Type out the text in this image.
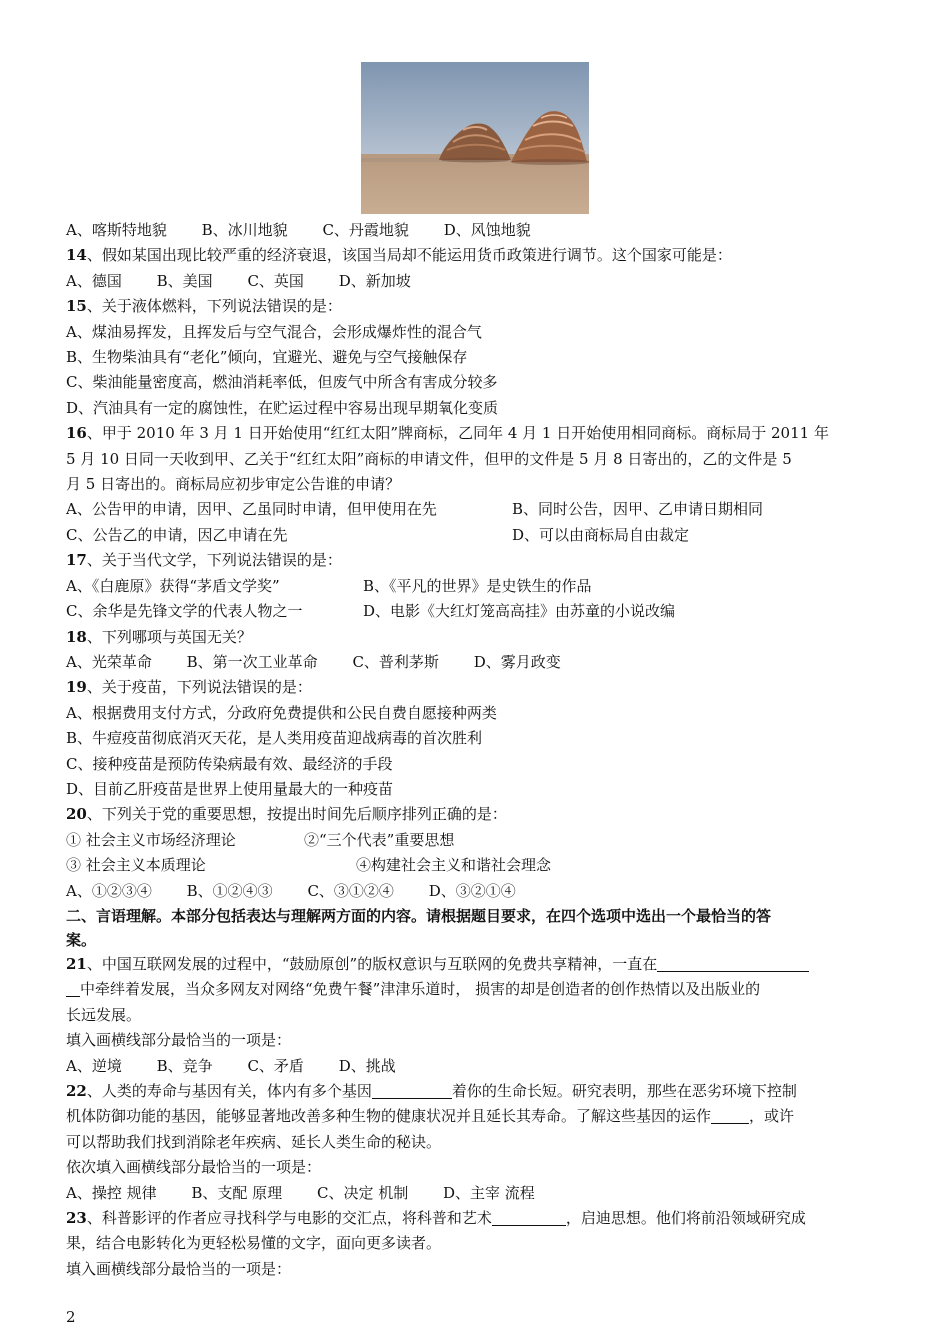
A、喀斯特地貌 B、冰川地貌 C、丹霞地貌 D、风蚀地貌
14、假如某国出现比较严重的经济衰退，该国当局却不能运用货币政策进行调节。这个国家可能是：
A、德国 B、美国 C、英国 D、新加坡
15、关于液体燃料，下列说法错误的是：
A、煤油易挥发，且挥发后与空气混合，会形成爆炸性的混合气
B、生物柴油具有“老化”倾向，宜避光、避免与空气接触保存
C、柴油能量密度高，燃油消耗率低，但废气中所含有害成分较多
D、汽油具有一定的腐蚀性，在贮运过程中容易出现早期氧化变质
16、甲于 2010 年 3 月 1 日开始使用“红红太阳”牌商标，乙同年 4 月 1 日开始使用相同商标。商标局于 2011 年
5 月 10 日同一天收到甲、乙关于“红红太阳”商标的申请文件，但甲的文件是 5 月 8 日寄出的，乙的文件是 5
月 5 日寄出的。商标局应初步审定公告谁的申请？
A、公告甲的申请，因甲、乙虽同时申请，但甲使用在先	B、同时公告，因甲、乙申请日期相同
C、公告乙的申请，因乙申请在先	D、可以由商标局自由裁定
17、关于当代文学，下列说法错误的是：
A、《白鹿原》获得“茅盾文学奖”	B、《平凡的世界》是史铁生的作品
C、余华是先锋文学的代表人物之一	D、电影《大红灯笼高高挂》由苏童的小说改编
18、下列哪项与英国无关？
A、光荣革命 B、第一次工业革命 C、普利茅斯 D、雾月政变
19、关于疫苗，下列说法错误的是：
A、根据费用支付方式，分政府免费提供和公民自费自愿接种两类
B、牛痘疫苗彻底消灭天花，是人类用疫苗迎战病毒的首次胜利
C、接种疫苗是预防传染病最有效、最经济的手段
D、目前乙肝疫苗是世界上使用量最大的一种疫苗
20、下列关于党的重要思想，按提出时间先后顺序排列正确的是：
① 社会主义市场经济理论	②“三个代表”重要思想
③ 社会主义本质理论	④构建社会主义和谐社会理念
A、①②③④ B、①②④③ C、③①②④ D、③②①④
二、言语理解。本部分包括表达与理解两方面的内容。请根据题目要求，在四个选项中选出一个最恰当的答
案。
21、中国互联网发展的过程中，“鼓励原创”的版权意识与互联网的免费共享精神，一直在
中牵绊着发展，当众多网友对网络“免费午餐”津津乐道时， 损害的却是创造者的创作热情以及出版业的
长远发展。
填入画横线部分最恰当的一项是：
A、逆境 B、竞争 C、矛盾 D、挑战
22、人类的寿命与基因有关，体内有多个基因	着你的生命长短。研究表明，那些在恶劣环境下控制
机体防御功能的基因，能够显著地改善多种生物的健康状况并且延长其寿命。了解这些基因的运作	，或许
可以帮助我们找到消除老年疾病、延长人类生命的秘诀。
依次填入画横线部分最恰当的一项是：
A、操控 规律 B、支配 原理 C、决定 机制 D、主宰 流程
23、科普影评的作者应寻找科学与电影的交汇点，将科普和艺术	，启迪思想。他们将前沿领域研究成
果，结合电影转化为更轻松易懂的文字，面向更多读者。
填入画横线部分最恰当的一项是：
2
